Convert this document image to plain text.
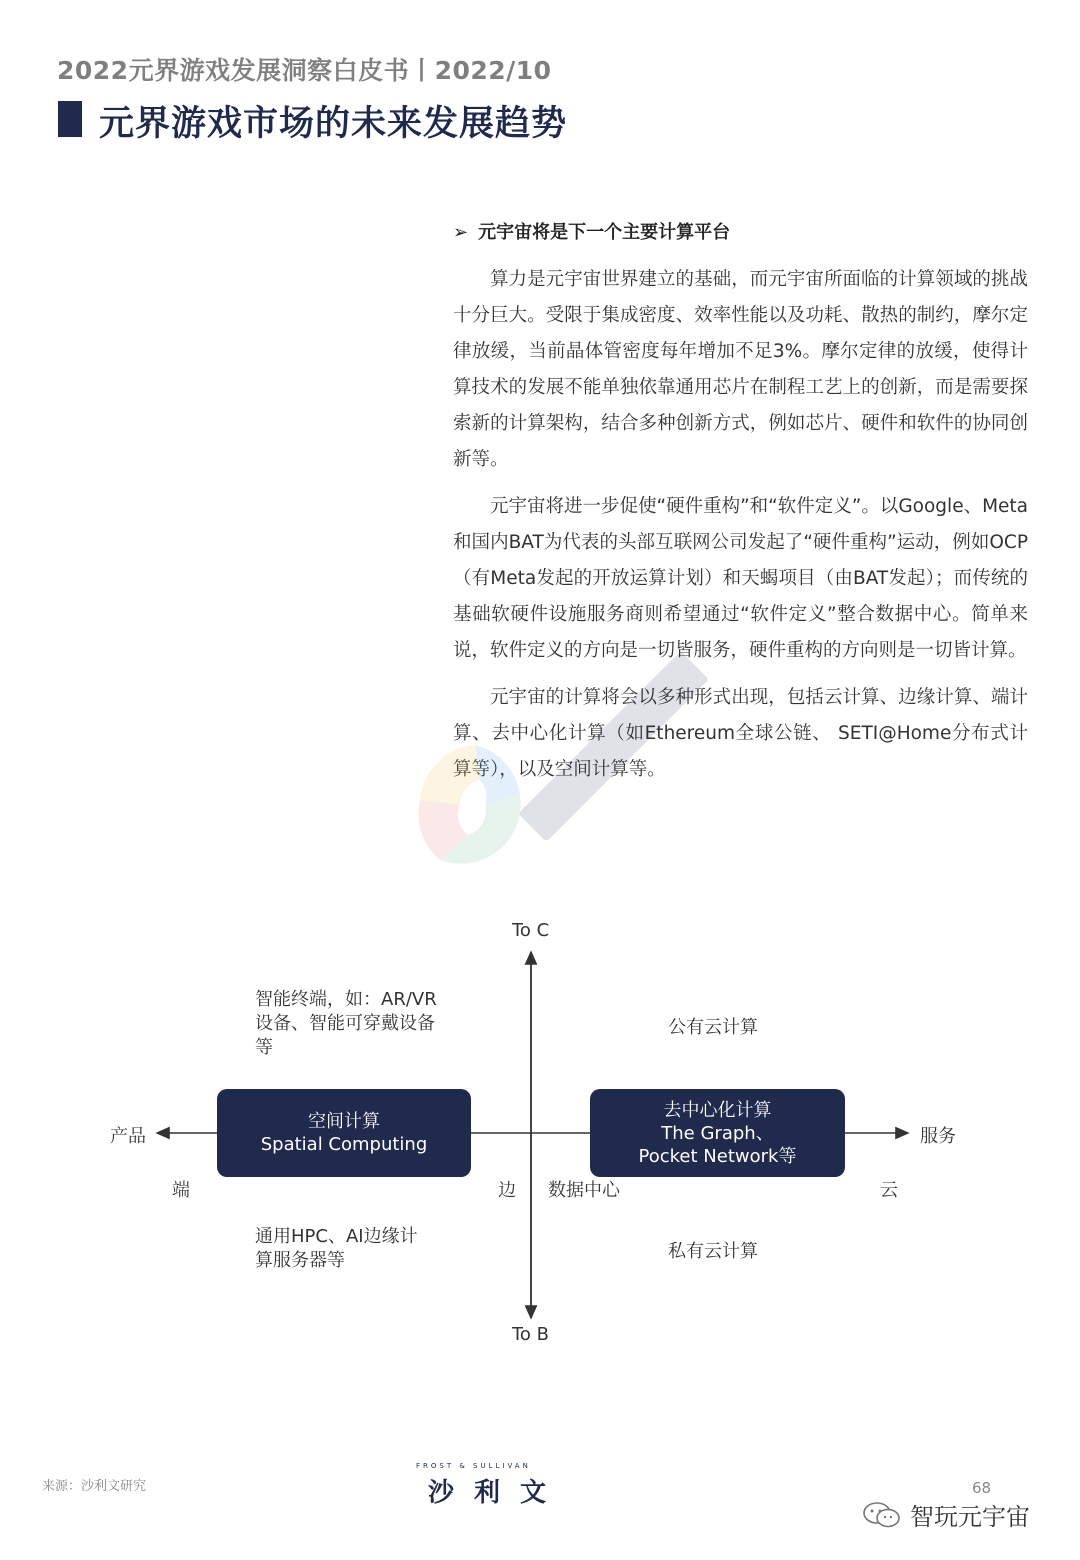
2022元界游戏发展洞察白皮书丨2022/10
元界游戏市场的未来发展趋势
➢ 元宇宙将是下一个主要计算平台

算力是元宇宙世界建立的基础，而元宇宙所面临的计算领域的挑战十分巨大。受限于集成密度、效率性能以及功耗、散热的制约，摩尔定律放缓，当前晶体管密度每年增加不足3%。摩尔定律的放缓，使得计算技术的发展不能单独依靠通用芯片在制程工艺上的创新，而是需要探索新的计算架构，结合多种创新方式，例如芯片、硬件和软件的协同创新等。

元宇宙将进一步促使“硬件重构”和“软件定义”。以Google、Meta和国内BAT为代表的头部互联网公司发起了“硬件重构”运动，例如OCP（有Meta发起的开放运算计划）和天蝎项目（由BAT发起）；而传统的基础软硬件设施服务商则希望通过“软件定义”整合数据中心。简单来说，软件定义的方向是一切皆服务，硬件重构的方向则是一切皆计算。

元宇宙的计算将会以多种形式出现，包括云计算、边缘计算、端计算、去中心化计算（如Ethereum全球公链、 SETI@Home分布式计算等），以及空间计算等。

To C
To B
产品	服务
智能终端，如：AR/VR设备、智能可穿戴设备等
通用HPC、AI边缘计算服务器等
公有云计算
私有云计算
空间计算
Spatial Computing
去中心化计算
The Graph、
Pocket Network等
端	边 数据中心	云
来源：沙利文研究
FROST & SULLIVAN
沙利文	68
智玩元宇宙
